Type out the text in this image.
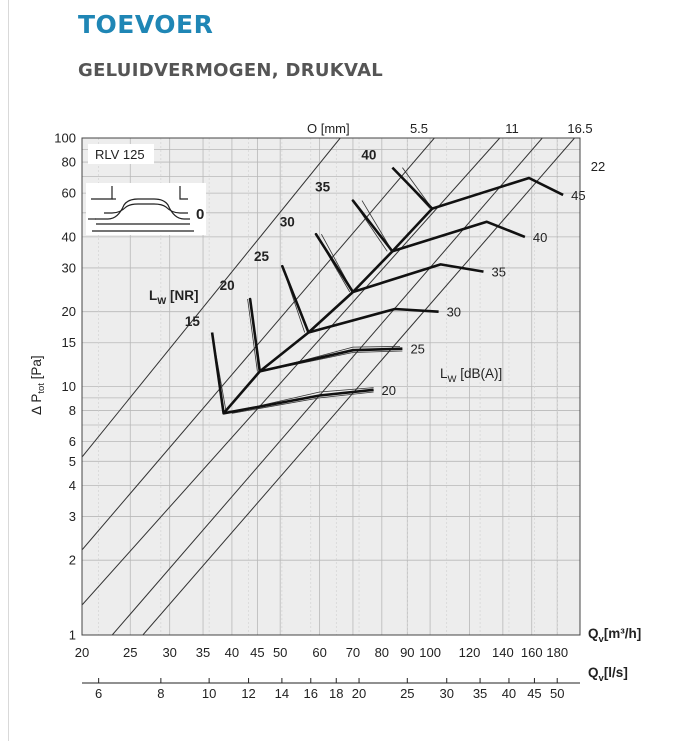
TOEVOER
GELUIDVERMOGEN, DRUKVAL
RLV 125
1
2
3
4
5
6
8
10
15
20
30
40
60
80
100
∆ $P_{tot}$ [Pa]
20	25 30 35 40 45 50 60 70 80 90 100 120 140 160 180
$Q_v[m^3/h]$
6	8	10 12 14 16 18 20	25 30 35 40 45 50
$Q_v[l/s]$
O [mm]
0
5.5	11	16.5
22
15
20
25
30
35
40
20
25
30
35
40
45
$L_W$ [NR]
$L_W$ [dB(A)]
